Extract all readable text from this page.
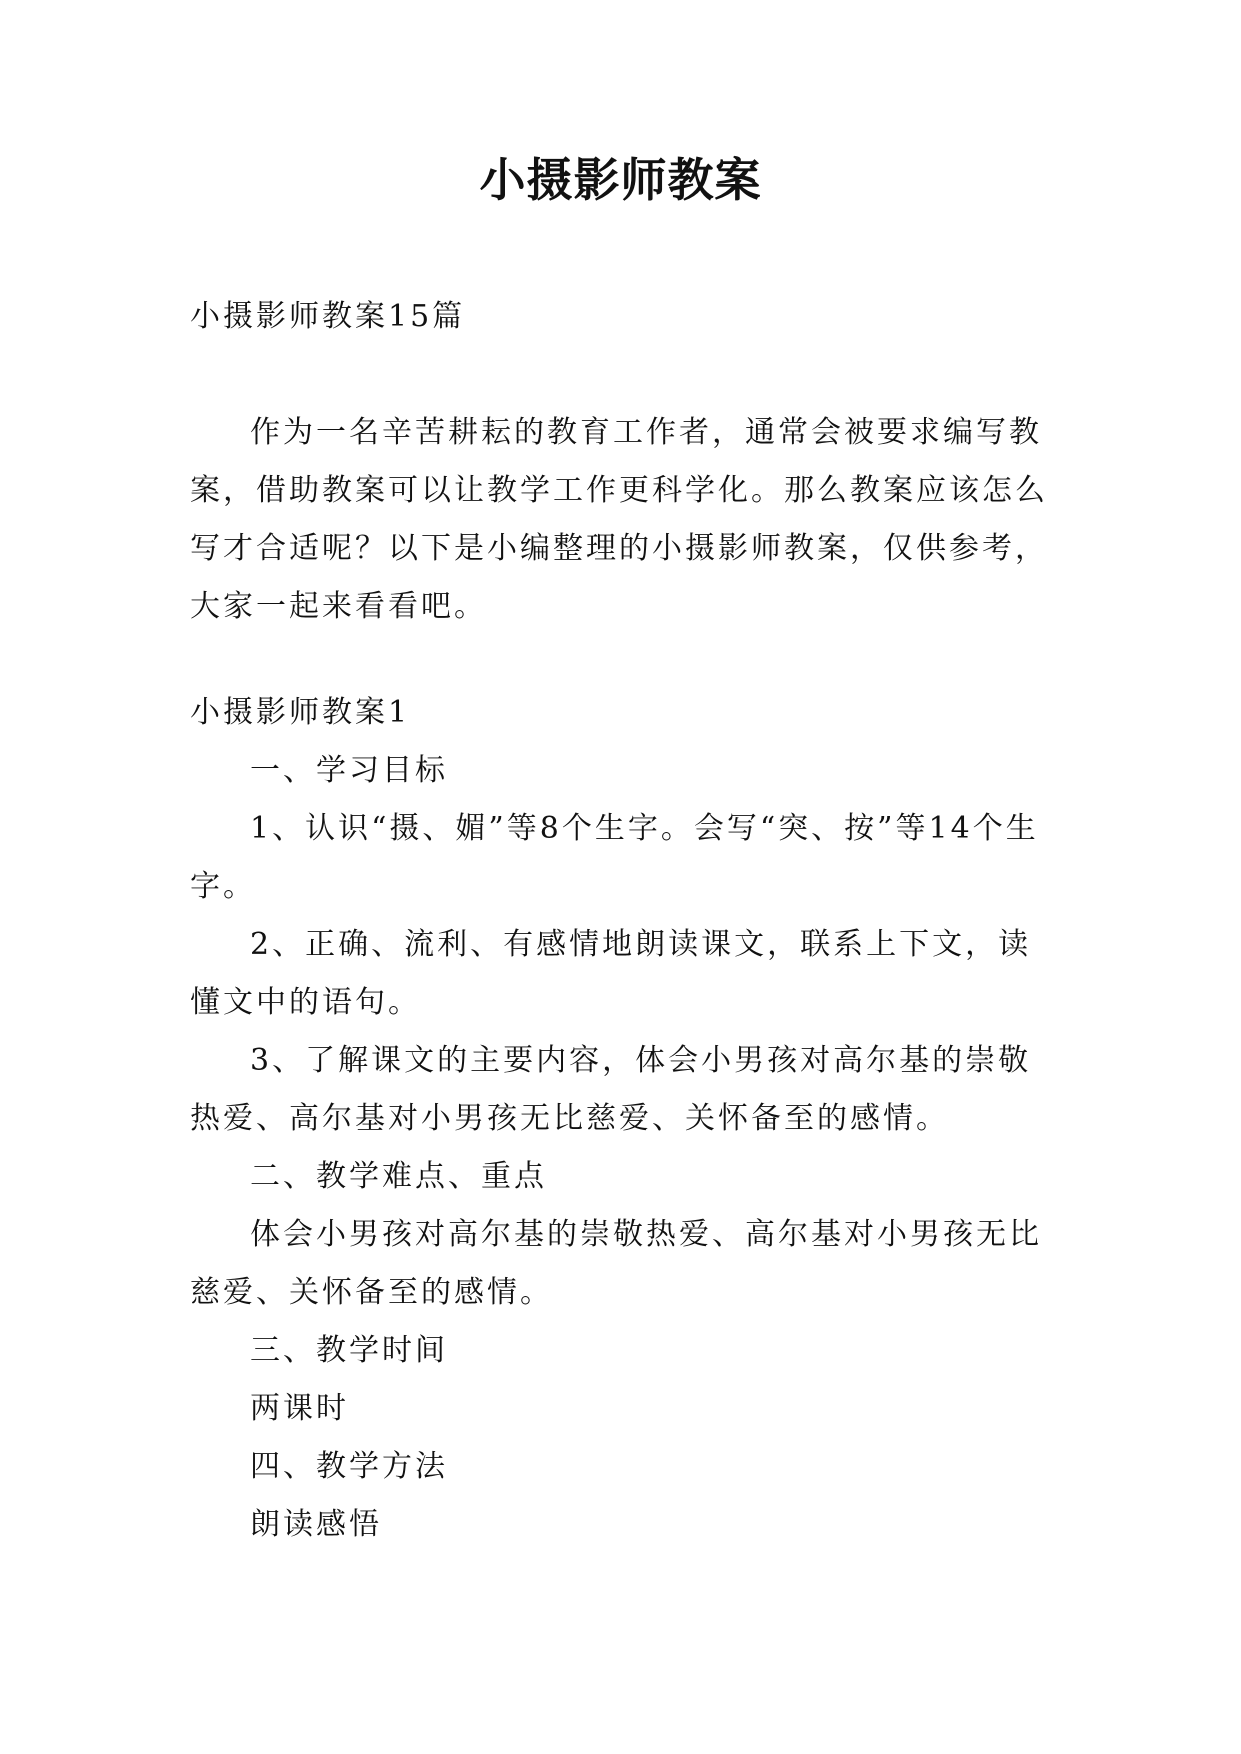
小摄影师教案

小摄影师教案15篇

作为一名辛苦耕耘的教育工作者，通常会被要求编写教案，借助教案可以让教学工作更科学化。那么教案应该怎么写才合适呢？以下是小编整理的小摄影师教案，仅供参考，大家一起来看看吧。

小摄影师教案1

一、学习目标

1、认识“摄、媚”等8个生字。会写“突、按”等14个生字。

2、正确、流利、有感情地朗读课文，联系上下文，读懂文中的语句。

3、了解课文的主要内容，体会小男孩对高尔基的崇敬热爱、高尔基对小男孩无比慈爱、关怀备至的感情。

二、教学难点、重点

体会小男孩对高尔基的崇敬热爱、高尔基对小男孩无比慈爱、关怀备至的感情。

三、教学时间

两课时

四、教学方法

朗读感悟
